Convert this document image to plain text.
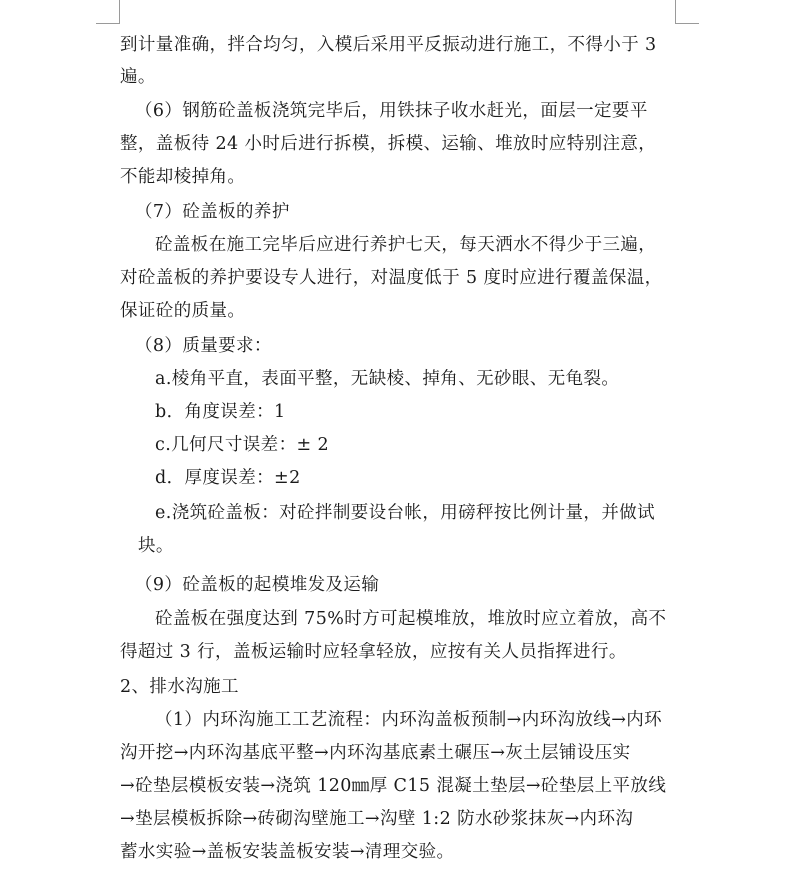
到计量准确，拌合均匀，入模后采用平反振动进行施工，不得小于 3
遍。
（6）钢筋砼盖板浇筑完毕后，用铁抹子收水赶光，面层一定要平
整，盖板待 24 小时后进行拆模，拆模、运输、堆放时应特别注意，
不能却棱掉角。
（7）砼盖板的养护
砼盖板在施工完毕后应进行养护七天，每天洒水不得少于三遍，
对砼盖板的养护要设专人进行，对温度低于 5 度时应进行覆盖保温，
保证砼的质量。
（8）质量要求：
a.棱角平直，表面平整，无缺棱、掉角、无砂眼、无龟裂。
b．角度误差：1
c.几何尺寸误差：± 2
d．厚度误差：±2
e.浇筑砼盖板：对砼拌制要设台帐，用磅秤按比例计量，并做试
块。
（9）砼盖板的起模堆发及运输
砼盖板在强度达到 75%时方可起模堆放，堆放时应立着放，高不
得超过 3 行，盖板运输时应轻拿轻放，应按有关人员指挥进行。
2、排水沟施工
（1）内环沟施工工艺流程：内环沟盖板预制→内环沟放线→内环
沟开挖→内环沟基底平整→内环沟基底素土碾压→灰土层铺设压实
→砼垫层模板安装→浇筑 120㎜厚 C15 混凝土垫层→砼垫层上平放线
→垫层模板拆除→砖砌沟壁施工→沟壁 1:2 防水砂浆抹灰→内环沟
蓄水实验→盖板安装盖板安装→清理交验。
